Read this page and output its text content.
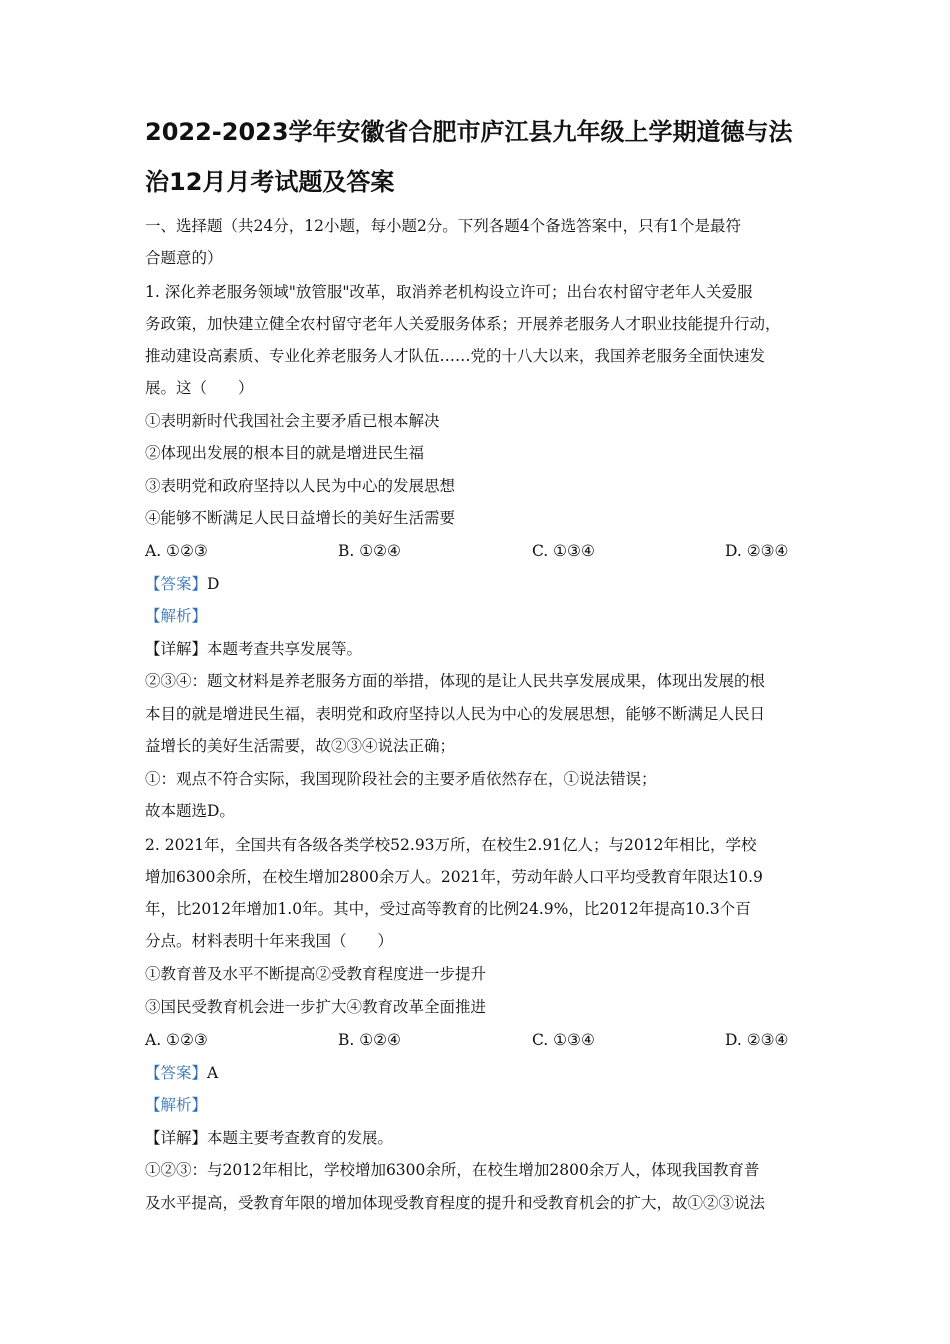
2022-2023学年安徽省合肥市庐江县九年级上学期道德与法
治12月月考试题及答案
一、选择题（共24分，12小题，每小题2分。下列各题4个备选答案中，只有1个是最符
合题意的）
1. 深化养老服务领域"放管服"改革，取消养老机构设立许可；出台农村留守老年人关爱服
务政策，加快建立健全农村留守老年人关爱服务体系；开展养老服务人才职业技能提升行动，
推动建设高素质、专业化养老服务人才队伍……党的十八大以来，我国养老服务全面快速发
展。这（　　）
①表明新时代我国社会主要矛盾已根本解决
②体现出发展的根本目的就是增进民生福
③表明党和政府坚持以人民为中心的发展思想
④能够不断满足人民日益增长的美好生活需要
A. ①②③	B. ①②④	C. ①③④	D. ②③④
【答案】D
【解析】
【详解】本题考查共享发展等。
②③④：题文材料是养老服务方面的举措，体现的是让人民共享发展成果，体现出发展的根
本目的就是增进民生福，表明党和政府坚持以人民为中心的发展思想，能够不断满足人民日
益增长的美好生活需要，故②③④说法正确；
①：观点不符合实际，我国现阶段社会的主要矛盾依然存在，①说法错误；
故本题选D。
2. 2021年，全国共有各级各类学校52.93万所，在校生2.91亿人；与2012年相比，学校
增加6300余所，在校生增加2800余万人。2021年，劳动年龄人口平均受教育年限达10.9
年，比2012年增加1.0年。其中，受过高等教育的比例24.9%，比2012年提高10.3个百
分点。材料表明十年来我国（　　）
①教育普及水平不断提高②受教育程度进一步提升
③国民受教育机会进一步扩大④教育改革全面推进
A. ①②③	B. ①②④	C. ①③④	D. ②③④
【答案】A
【解析】
【详解】本题主要考查教育的发展。
①②③：与2012年相比，学校增加6300余所，在校生增加2800余万人，体现我国教育普
及水平提高，受教育年限的增加体现受教育程度的提升和受教育机会的扩大，故①②③说法
